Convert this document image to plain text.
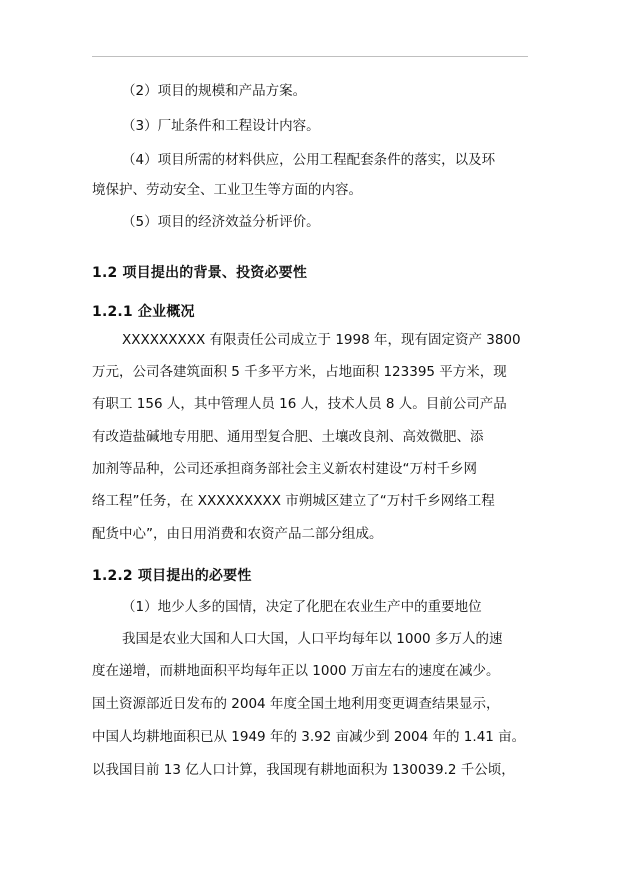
（2）项目的规模和产品方案。
（3）厂址条件和工程设计内容。
（4）项目所需的材料供应，公用工程配套条件的落实，以及环
境保护、劳动安全、工业卫生等方面的内容。
（5）项目的经济效益分析评价。
1.2 项目提出的背景、投资必要性
1.2.1 企业概况
XXXXXXXXX 有限责任公司成立于 1998 年，现有固定资产 3800
万元，公司各建筑面积 5 千多平方米，占地面积 123395 平方米，现
有职工 156 人，其中管理人员 16 人，技术人员 8 人。目前公司产品
有改造盐碱地专用肥、通用型复合肥、土壤改良剂、高效微肥、添
加剂等品种，公司还承担商务部社会主义新农村建设“万村千乡网
络工程”任务，在 XXXXXXXXX 市朔城区建立了“万村千乡网络工程
配货中心”，由日用消费和农资产品二部分组成。
1.2.2 项目提出的必要性
（1）地少人多的国情，决定了化肥在农业生产中的重要地位
我国是农业大国和人口大国，人口平均每年以 1000 多万人的速
度在递增，而耕地面积平均每年正以 1000 万亩左右的速度在减少。
国土资源部近日发布的 2004 年度全国土地利用变更调查结果显示，
中国人均耕地面积已从 1949 年的 3.92 亩减少到 2004 年的 1.41 亩。
以我国目前 13 亿人口计算，我国现有耕地面积为 130039.2 千公顷，
